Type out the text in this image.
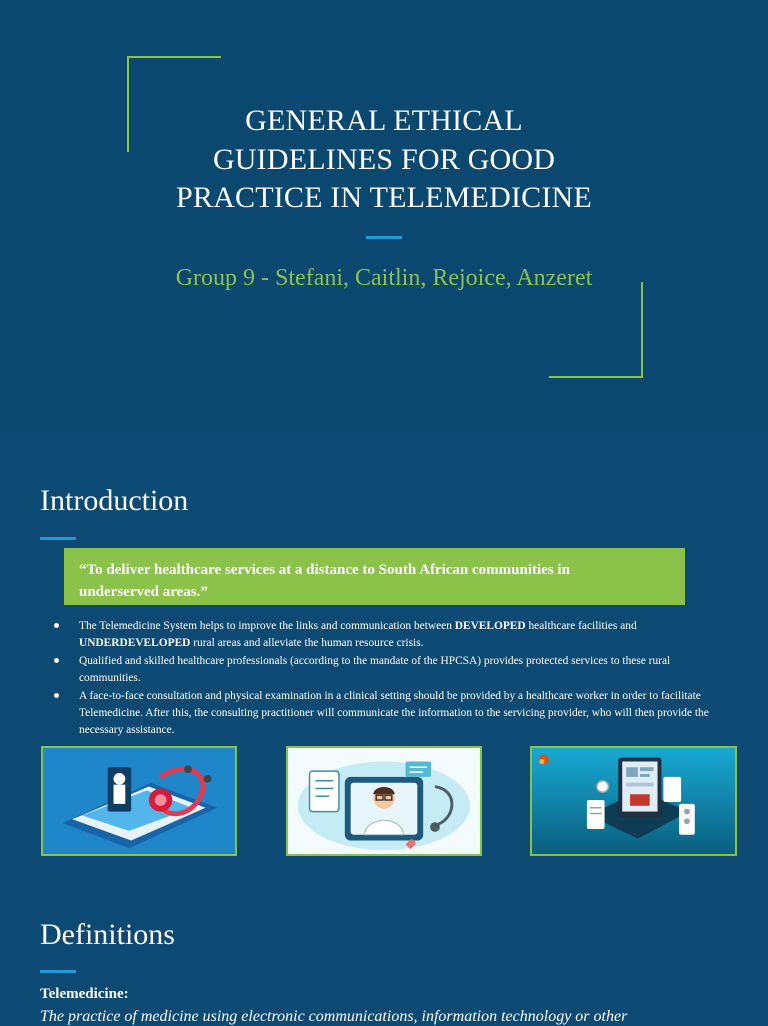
GENERAL ETHICAL
GUIDELINES FOR GOOD
PRACTICE IN TELEMEDICINE
Group 9 - Stefani, Caitlin, Rejoice, Anzeret
Introduction
“To deliver healthcare services at a distance to South African communities in
underserved areas.”
The Telemedicine System helps to improve the links and communication between DEVELOPED healthcare facilities and
UNDERDEVELOPED rural areas and alleviate the human resource crisis.
Qualified and skilled healthcare professionals (according to the mandate of the HPCSA) provides protected services to these rural communities.
A face-to-face consultation and physical examination in a clinical setting should be provided by a healthcare worker in order to facilitate Telemedicine. After this, the consulting practitioner will communicate the information to the servicing provider, who will then provide the necessary assistance.
Definitions
Telemedicine:
The practice of medicine using electronic communications, information technology or other
